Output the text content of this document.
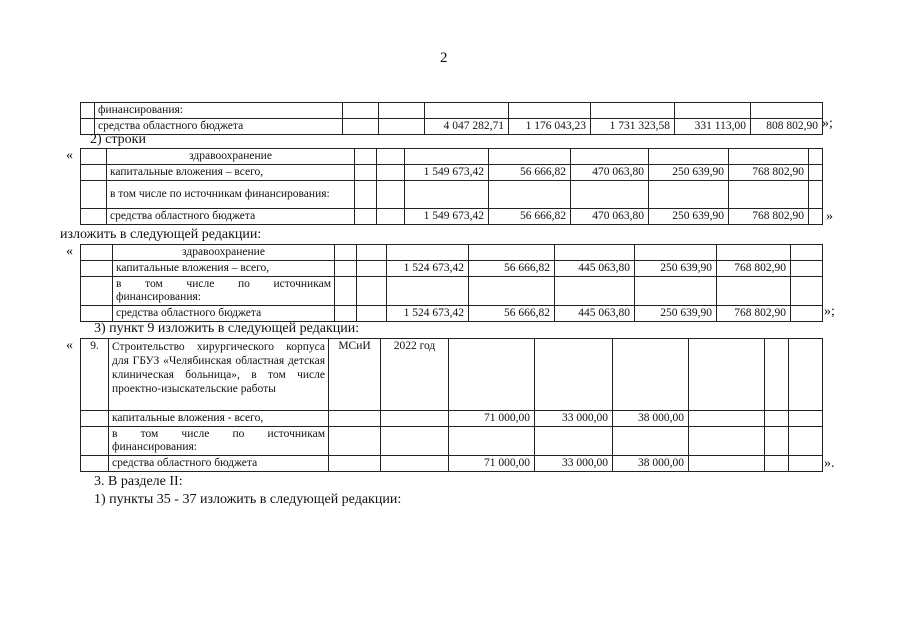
2
	финансирования:								
	средства областного бюджета			4 047 282,71	1 176 043,23	1 731 323,58	331 113,00	808 802,90	»;
2) строки
«
		здравоохранение								
	капитальные вложения – всего,			1 549 673,42	56 666,82	470 063,80	250 639,90	768 802,90	
	в том числе по источникам финансирования:								
	средства областного бюджета			1 549 673,42	56 666,82	470 063,80	250 639,90	768 802,90	»
изложить в следующей редакции:
«
		здравоохранение								
	капитальные вложения – всего,			1 524 673,42	56 666,82	445 063,80	250 639,90	768 802,90	
	в том числе по источникам финансирования:								
	средства областного бюджета			1 524 673,42	56 666,82	445 063,80	250 639,90	768 802,90		»;
3) пункт 9 изложить в следующей редакции:
« 9.	Строительство хирургического корпуса для ГБУЗ «Челябинская областная детская клиническая больница», в том числе проектно-изыскательские работы	МСиИ	2022 год						
	капитальные вложения - всего,			71 000,00	33 000,00	38 000,00			
	в том числе по источникам финансирования:								
	средства областного бюджета			71 000,00	33 000,00	38 000,00				».
3. В разделе II:
1) пункты 35 - 37 изложить в следующей редакции:
